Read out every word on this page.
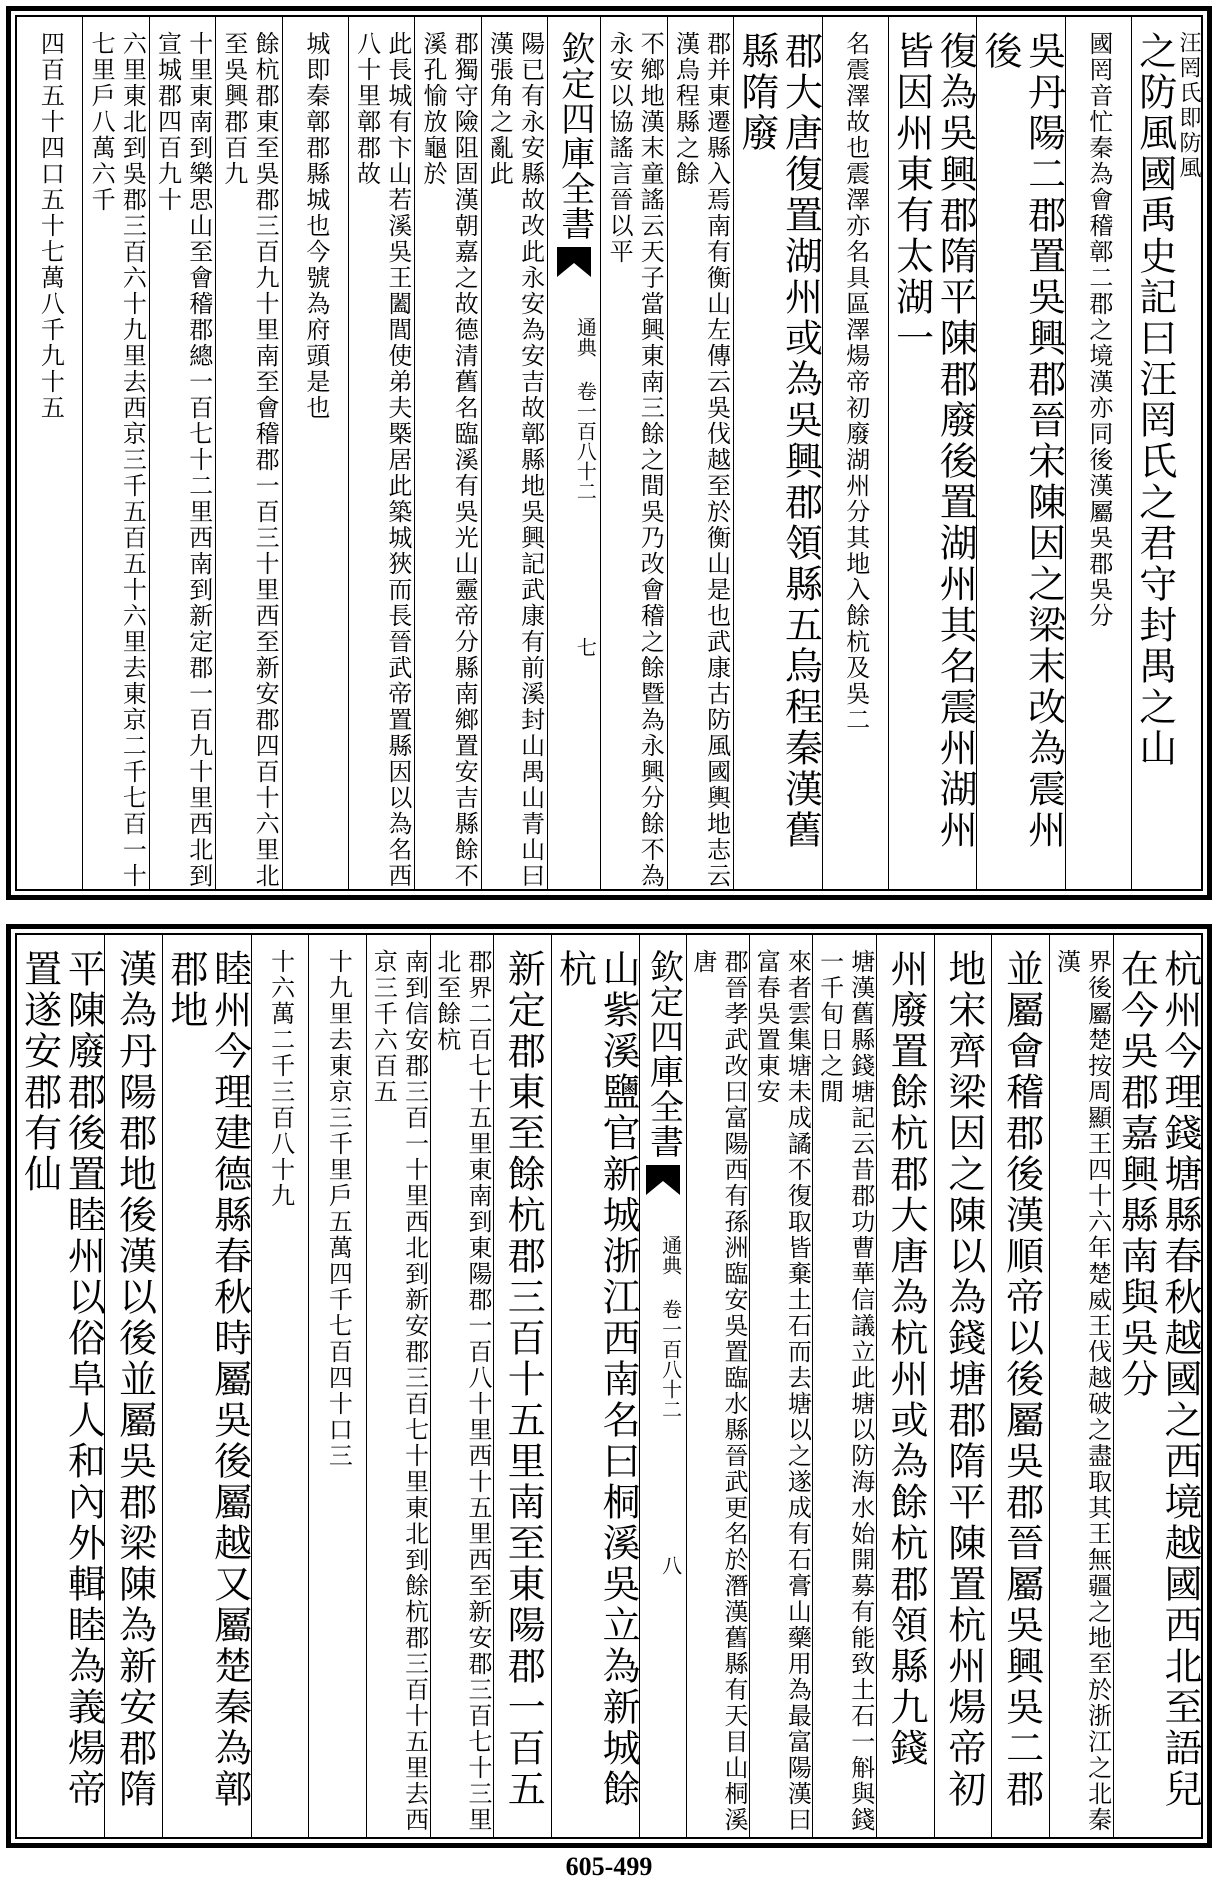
之防風國禹史記曰汪罔氏之君守封禺之山 汪罔氏即防風
國罔音忙秦為會稽鄣二郡之境漢亦同後漢屬吳郡吳分
吳丹陽二郡置吳興郡晉宋陳因之梁末改為震州後
復為吳興郡隋平陳郡廢後置湖州其名震州湖州皆因州東有太湖一
名震澤故也震澤亦名具區澤煬帝初廢湖州分其地入餘杭及吳二
郡大唐復置湖州或為吳興郡領縣五烏程秦漢舊縣隋廢
郡并東遷縣入焉南有衡山左傳云吳伐越至於衡山是也武康古防風國輿地志云漢烏程縣之餘
不鄉地漢末童謠云天子當興東南三餘之間吳乃改會稽之餘暨為永興分餘不為永安以協謠言晉以平
欽定四庫全書
通典 卷一百八十二
七
陽已有永安縣故改此永安為安吉故鄣縣地吳興記武康有前溪封山禺山青山曰漢張角之亂此
郡獨守險阻固漢朝嘉之故德清舊名臨溪有吳光山靈帝分縣南鄉置安吉縣餘不溪孔愉放龜於
此長城有卞山若溪吳王闔閭使弟夫槩居此築城狹而長晉武帝置縣因以為名西八十里鄣郡故
城即秦鄣郡縣城也今號為府頭是也
餘杭郡東至吳郡三百九十里南至會稽郡一百三十里西至新安郡四百十六里北至吳興郡百九
十里東南到樂思山至會稽郡總一百七十二里西南到新定郡一百九十里西北到宣城郡四百九十
六里東北到吳郡三百六十九里去西京三千五百五十六里去東京二千七百一十七里戶八萬六千
四百五十四口五十七萬八千九十五
杭州今理錢塘縣春秋越國之西境越國西北至語兒在今吳郡嘉興縣南與吳分
界後屬楚按周顯王四十六年楚威王伐越破之盡取其王無疆之地至於浙江之北秦漢
並屬會稽郡後漢順帝以後屬吳郡晉屬吳興吳二郡
地宋齊梁因之陳以為錢塘郡隋平陳置杭州煬帝初
州廢置餘杭郡大唐為杭州或為餘杭郡領縣九錢
塘漢舊縣錢塘記云昔郡功曹華信議立此塘以防海水始開募有能致土石一斛與錢一千旬日之閒
來者雲集塘未成譎不復取皆棄土石而去塘以之遂成有石膏山藥用為最富陽漢曰富春吳置東安
郡晉孝武改曰富陽西有孫洲臨安吳置臨水縣晉武更名於潛漢舊縣有天目山桐溪唐
欽定四庫全書
通典 卷一百八十二
八
山紫溪鹽官新城浙江西南名曰桐溪吳立為新城餘杭
新定郡東至餘杭郡三百十五里南至東陽郡一百五
郡界二百七十五里東南到東陽郡一百八十里西十五里西至新安郡三百七十三里北至餘杭
南到信安郡三百一十里西北到新安郡三百七十里東北到餘杭郡三百十五里去西京三千六百五
十九里去東京三千里戶五萬四千七百四十口三
十六萬二千三百八十九
睦州今理建德縣春秋時屬吳後屬越又屬楚秦為鄣郡地
漢為丹陽郡地後漢以後並屬吳郡梁陳為新安郡隋
平陳廢郡後置睦州以俗阜人和內外輯睦為義煬帝置遂安郡有仙
605-499
